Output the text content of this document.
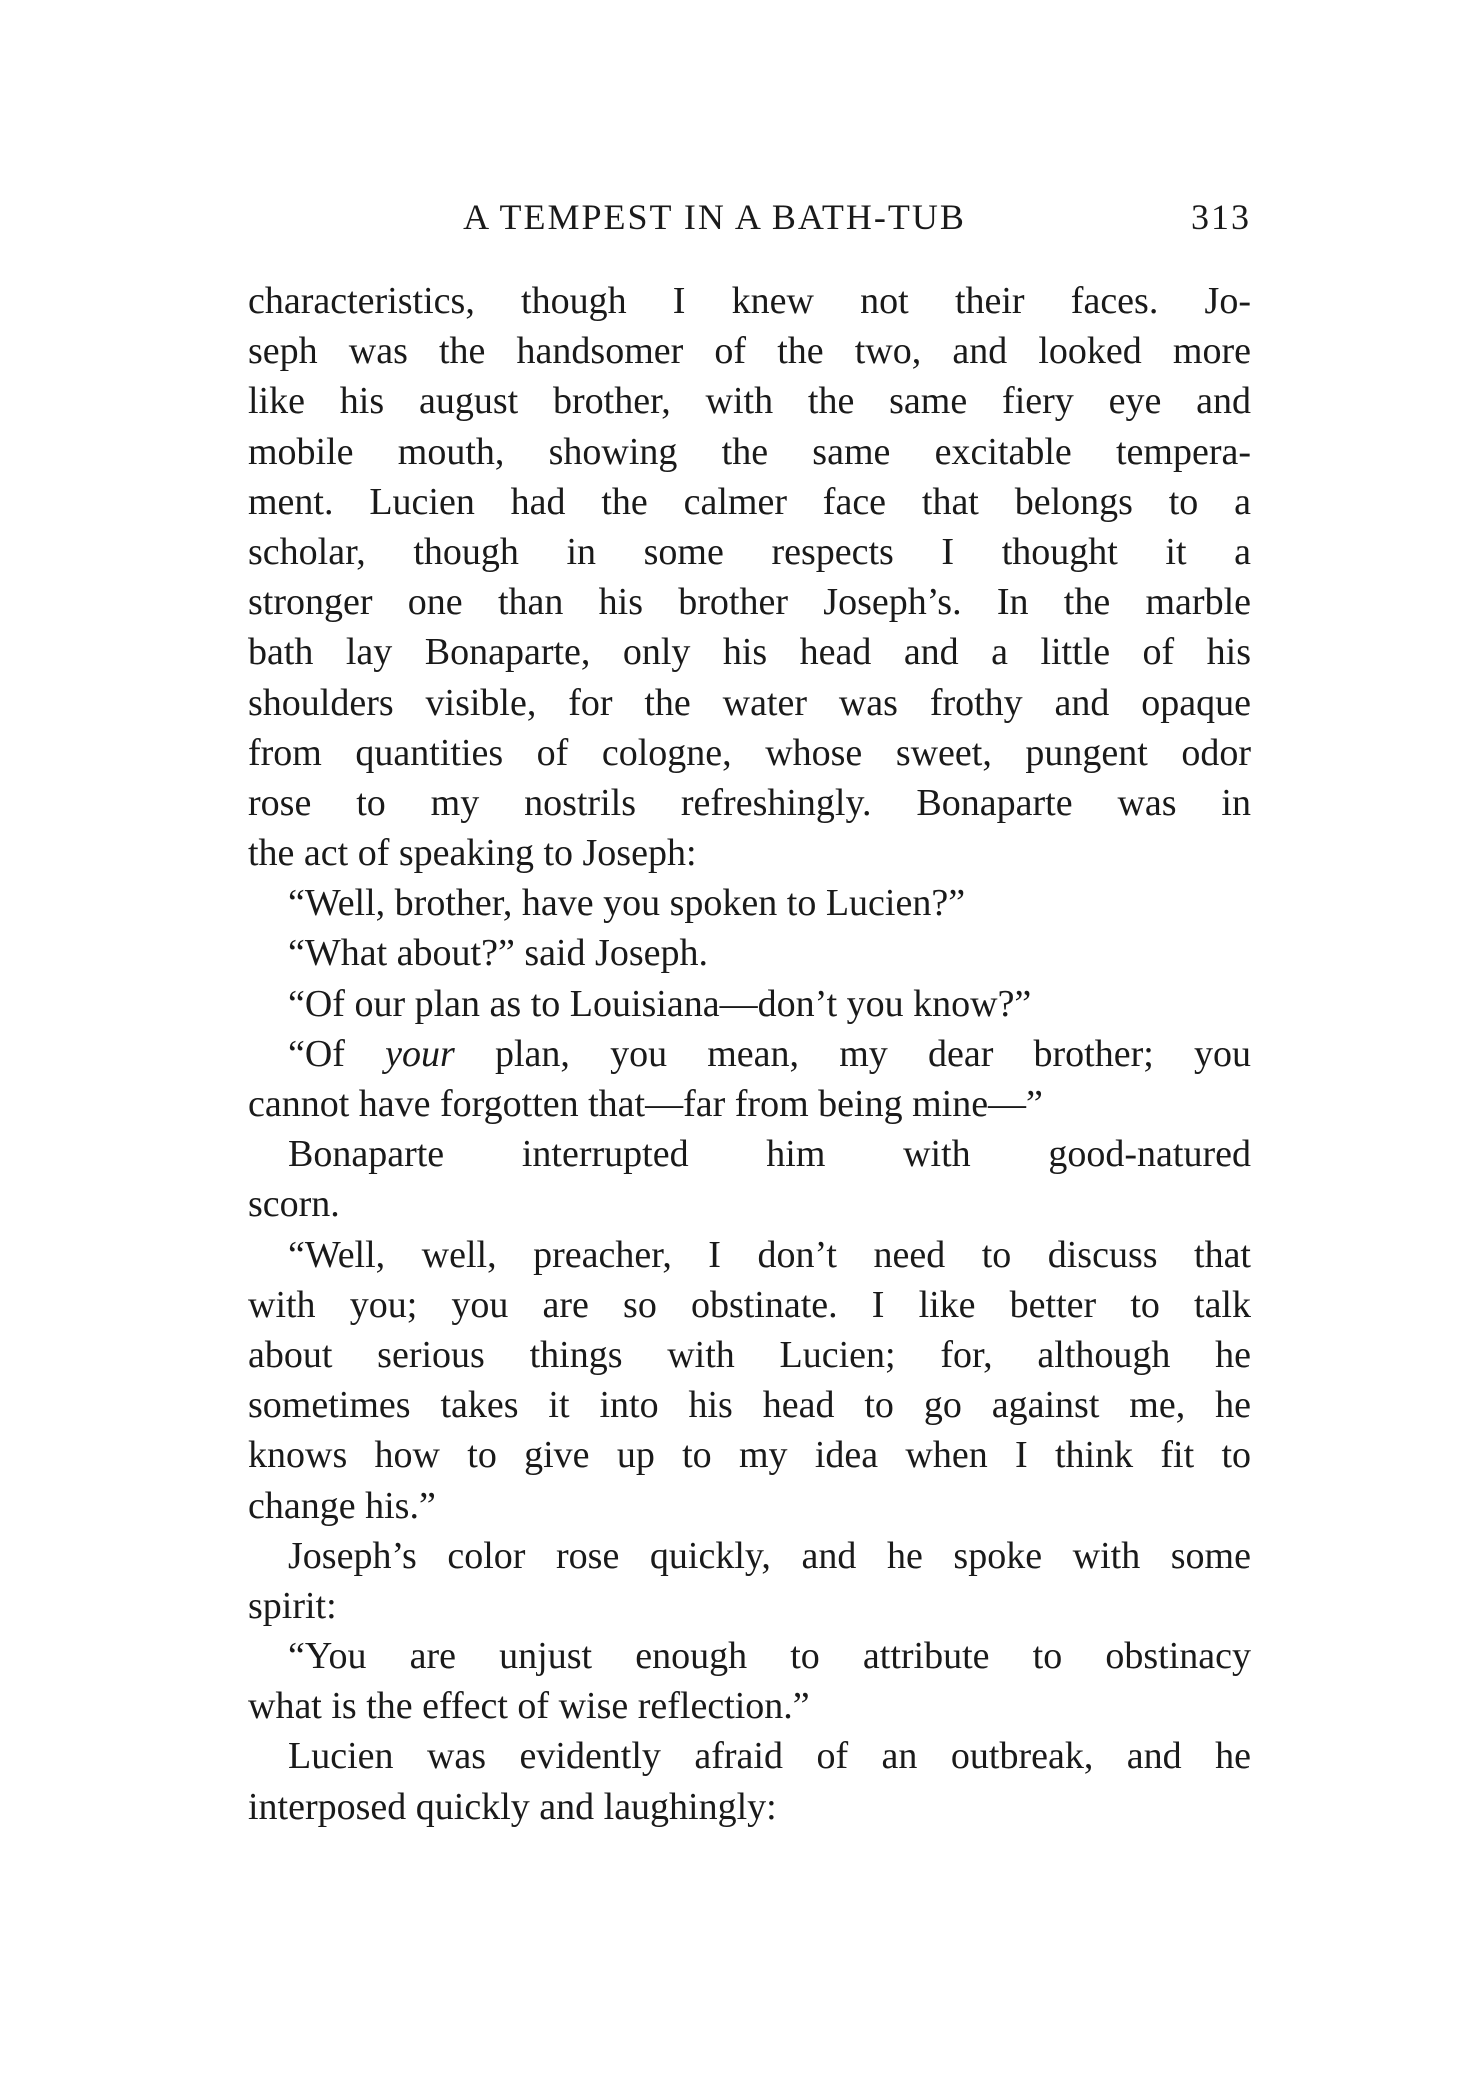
A TEMPEST IN A BATH-TUB	313
characteristics, though I knew not their faces. Jo-
seph was the handsomer of the two, and looked more
like his august brother, with the same fiery eye and
mobile mouth, showing the same excitable tempera-
ment. Lucien had the calmer face that belongs to a
scholar, though in some respects I thought it a
stronger one than his brother Joseph’s. In the marble
bath lay Bonaparte, only his head and a little of his
shoulders visible, for the water was frothy and opaque
from quantities of cologne, whose sweet, pungent odor
rose to my nostrils refreshingly. Bonaparte was in
the act of speaking to Joseph:
“Well, brother, have you spoken to Lucien?”
“What about?” said Joseph.
“Of our plan as to Louisiana—don’t you know?”
“Of your plan, you mean, my dear brother; you
cannot have forgotten that—far from being mine—”
Bonaparte interrupted him with good-natured
scorn.
“Well, well, preacher, I don’t need to discuss that
with you; you are so obstinate. I like better to talk
about serious things with Lucien; for, although he
sometimes takes it into his head to go against me, he
knows how to give up to my idea when I think fit to
change his.”
Joseph’s color rose quickly, and he spoke with some
spirit:
“You are unjust enough to attribute to obstinacy
what is the effect of wise reflection.”
Lucien was evidently afraid of an outbreak, and he
interposed quickly and laughingly:
